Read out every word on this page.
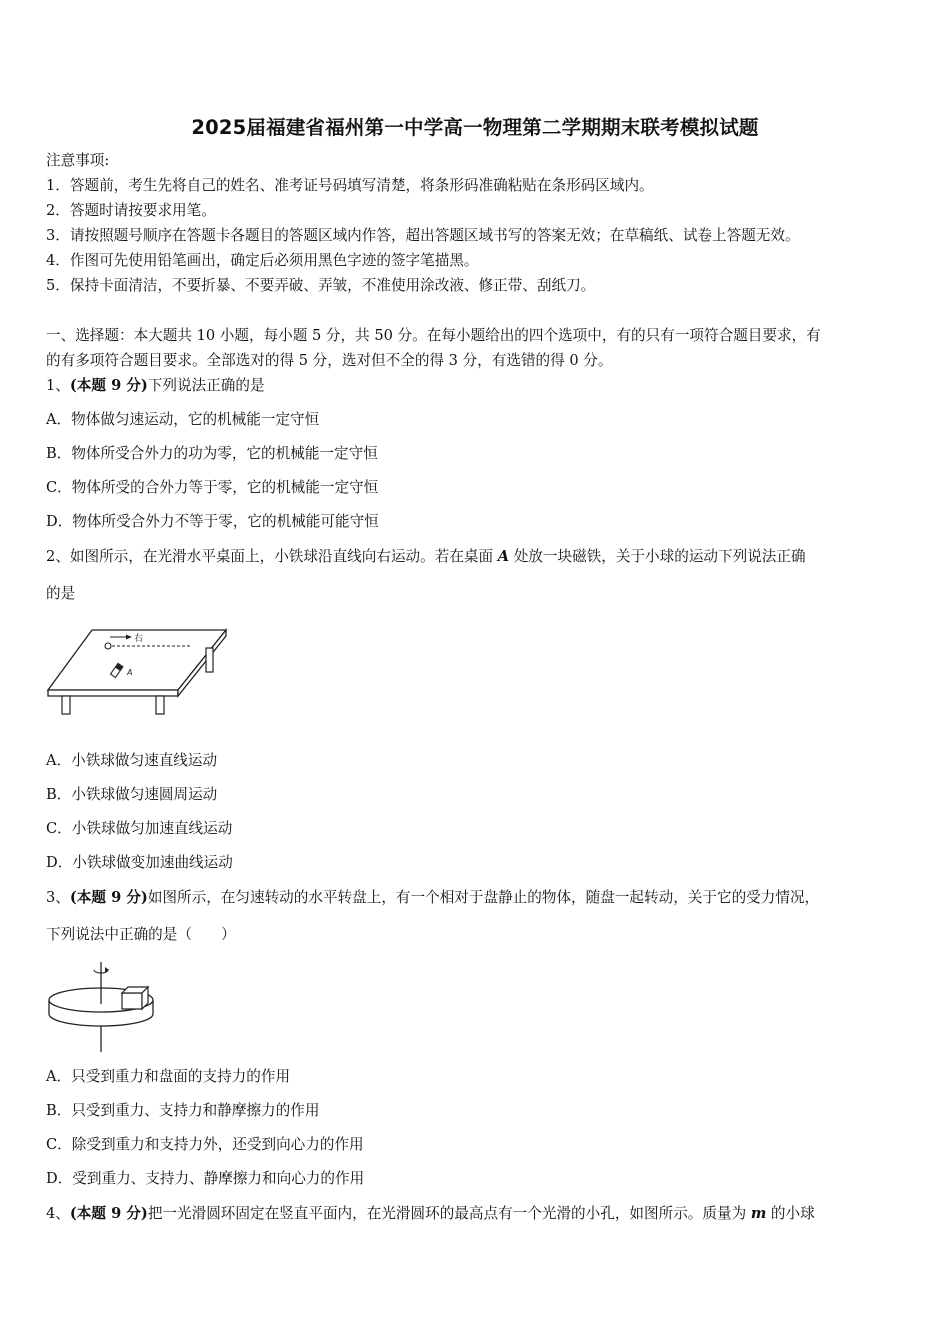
2025届福建省福州第一中学高一物理第二学期期末联考模拟试题
注意事项:
1．答题前，考生先将自己的姓名、准考证号码填写清楚，将条形码准确粘贴在条形码区域内。
2．答题时请按要求用笔。
3．请按照题号顺序在答题卡各题目的答题区域内作答，超出答题区域书写的答案无效；在草稿纸、试卷上答题无效。
4．作图可先使用铅笔画出，确定后必须用黑色字迹的签字笔描黑。
5．保持卡面清洁，不要折暴、不要弄破、弄皱，不准使用涂改液、修正带、刮纸刀。
一、选择题：本大题共 10 小题，每小题 5 分，共 50 分。在每小题给出的四个选项中，有的只有一项符合题目要求，有
的有多项符合题目要求。全部选对的得 5 分，选对但不全的得 3 分，有选错的得 0 分。
1、(本题 9 分)下列说法正确的是
A．物体做匀速运动，它的机械能一定守恒
B．物体所受合外力的功为零，它的机械能一定守恒
C．物体所受的合外力等于零，它的机械能一定守恒
D．物体所受合外力不等于零，它的机械能可能守恒
2、如图所示，在光滑水平桌面上，小铁球沿直线向右运动。若在桌面 A 处放一块磁铁，关于小球的运动下列说法正确
的是
右
A
A．小铁球做匀速直线运动
B．小铁球做匀速圆周运动
C．小铁球做匀加速直线运动
D．小铁球做变加速曲线运动
3、(本题 9 分)如图所示，在匀速转动的水平转盘上，有一个相对于盘静止的物体，随盘一起转动，关于它的受力情况，
下列说法中正确的是（　　）
A．只受到重力和盘面的支持力的作用
B．只受到重力、支持力和静摩擦力的作用
C．除受到重力和支持力外，还受到向心力的作用
D．受到重力、支持力、静摩擦力和向心力的作用
4、(本题 9 分)把一光滑圆环固定在竖直平面内，在光滑圆环的最高点有一个光滑的小孔，如图所示。质量为 m 的小球
